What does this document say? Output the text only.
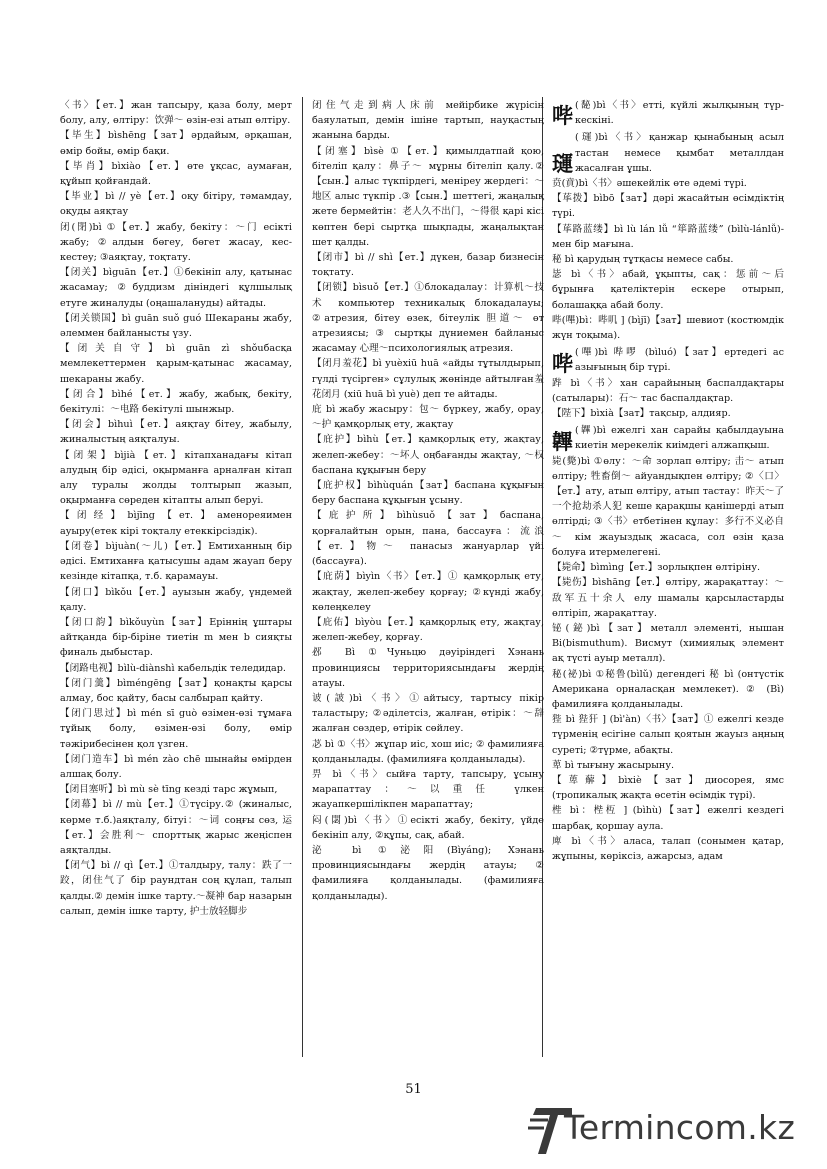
〈书〉【ет.】жан тапсыру, қаза болу, мерт болу, алу, өлтіру：饮弹～ өзін-езі атып өлтіру.

【毕生】bìshēng【зат】әрдайым, әрқашан, өмір бойы, өмір бақи.

【毕肖】bìxiào【ет.】өте ұқсас, аумаған, құйып қойғандай.

【毕业】bì // yè【ет.】оқу бітіру, тәмамдау, оқуды аяқтау

闭(閉)bì ①【ет.】жабу, бекіту：～门 есікті жабу; ②алдын бөгеу, бөгет жасау, кес-кестеу; ③аяқтау, тоқтату.

【闭关】bìguān【ет.】①бекініп алу, қатынас жасамау; ②буддизм дініндегі құлшылық етуге жиналуды (оңашалануды) айтады.

【闭关锁国】bì guān suǒ guó Шекараны жабу, әлеммен байланысты үзу.

【闭关自守】bì guān zì shǒuбасқа мемлекеттермен қарым-қатынас жасамау, шекараны жабу.

【闭合】bìhé【ет.】жабу, жабық, бекіту, бекітулі：～电路 бекітулі шынжыр.

【闭会】bìhuì【ет.】аяқтау бітеу, жабылу, жиналыстың аяқталуы.

【闭架】bìjià【ет.】кітапханадағы кітап алудың бір әдісі, оқырманға арналған кітап алу туралы жолды толтырып жазып, оқырманға сөреден кітапты алып беруі.

【闭经】bìjīng【ет.】аменореяимен ауыру(етек кірі тоқталу етеккірсіздік).

【闭卷】bìjuàn(～儿)【ет.】Емтиханның бір әдісі. Емтиханға қатысушы адам жауап беру кезінде кітапқа, т.б. қарамауы.

【闭口】bìkǒu【ет.】ауызын жабу, үндемей қалу.

【闭口韵】bìkǒuyùn【зат】Ерiннiң ұштары айтқанда бір-біріне тиетін m мен b сияқты финаль дыбыстар.

【闭路电视】bìlù-diànshì кабельдік теледидар.

【闭门羹】bìméngēng【зат】қонақты қарсы алмау, бос қайту, басы салбырап қайту.

【闭门思过】bì mén sī guò өзімен-өзі тұмаға тұйық болу, өзімен-өзі болу, өмір тәжірибесінен қол үзген.

【闭门造车】bì mén zào chē шынайы өмірден алшақ болу.

【闭目塞听】bì mù sè tīng кезді тарс жұмып,

【闭幕】bì // mù【ет.】①түсіру.② (жиналыс, көрме т.б.)аяқталу, бітуі：～词 соңғы сөз, 运【ет.】会胜利～ спорттық жарыс жеңіспен аяқталды.

【闭气】bì // qì【ет.】①талдыру, талу：跌了一跤，闭住气了 бір раундтан соң құлап, талып қалды.② демін ішке тарту.～凝神 бар назарын салып, демін ішке тарту, 护士放轻脚步

闭住气走到病人床前 мейірбике жүрісін баяулатып, демін ішіне тартып, науқастың жанына барды.

【闭塞】bìsè ①【ет.】қимылдатпай қою, бітеліп қалу：鼻子～ мұрны бітеліп қалу.②【сын.】алыс түкпірдегі, меніреу жердегі：～地区 алыс түкпір .③【сын.】шеттегі, жаңалық жете бермейтін：老人久不出门，～得很 қарі кісі көптен бері сыртқа шықпады, жаңалықтан шет қалды.

【闭市】bì // shì【ет.】дүкен, базар бизнесін тоқтату.

【闭锁】bìsuǒ【ет.】①блокадалау：计算机～技术 компьютер техникалық блокадалауы; ②атрезия, бітеу өзек, бітеулік 胆道～ өт атрезиясы; ③ сыртқы дүниемен байланыс жасамау 心理～психологиялық атрезия.

【闭月羞花】bì yuèxiū huā «айды тұтылдырып, гүлді түсірген» сұлулық жөнінде айтылған羞花闭月 (xiū huā bì yuè) деп те айтады.

庇 bì жабу жасыру：包～ бүркеу, жабу, орау, ～护 қамқорлық ету, жақтау

【庇护】bìhù【ет.】қамқорлық ету, жақтау, желеп-жебеу：～坏人 оңбағанды жақтау, ～权 баспана құқығын беру

【庇护权】bìhùquán【зат】баспана құқығын беру баспана құқығын ұсыну.

【庇护所】bìhùsuǒ【зат】баспана, қорғалайтын орын, пана, бассауға：流浪【ет.】物～ панасыз жануарлар үйі (бассауға).

【庇荫】bìyìn〈书〉【ет.】① қамқорлық ету, жақтау, желеп-жебеу қорғау; ②күнді жабу, көлеңкелеу

【庇佑】bìyòu【ет.】қамқорлық ету, жақтау, желеп-жебеу, қорғау.

邲 Bì ①Чуньцю дәуіріндегі Хэнань провинциясы территориясындағы жердің атауы.

诐(詖)bì〈书〉①айтысу, тартысу пікір таластыру; ②әділетсіз, жалған, өтірік：～辞 жалған сөздер, өтірік сөйлеу.

苾 bì ①〈书〉жұпар иіс, хош иіс; ② фамилияға қолданылады. (фамилияға қолданылады).

畀 bì〈书〉сыйға тарту, тапсыру, ұсыну марапаттау：～以重任 үлкен жауапкершілікпен марапаттау;

闷(閟)bì〈书〉①есікті жабу, бекіту, үйде бекініп алу, ②құпы, сақ, абай.

泌 bì ①泌阳(Bìyáng); Хэнань провинциясындағы жердің атауы; ② фамилияға қолданылады. (фамилияға қолданылады).

哔 (馝)bì〈书〉етті, күйлі жылқының түр-кескіні.

璭
(璭)bì〈书〉қанжар қынабының асыл тастан немесе қымбат металлдан жасалған ұшы.

贲(賁)bì〈书〉әшекейлік өте әдемі түрі.

【荜拨】bìbō【зат】дәрі жасайтын өсімдіктің түрі.

【荜路蓝缕】bì lù lán lǚ “筚路蓝缕” (bìlù-lánlǚ)-мен бір мағына.

秘 bì қарудың тұтқасы немесе сабы.

毖 bì〈书〉абай, ұқыпты, сақ：惩前～后 бұрынға қателіктерін ескере отырып, болашаққа абай болу.

哔(嗶)bì：哔叽 ] (bìjī)【зат】шевиот (костюмдік жүн тоқыма).

哔 (嗶)bì 哔啰 (bìluó)【зат】ертедегі ас азығының бір түрі.

跸 bì〈书〉хан сарайының баспалдақтары (сатылары)：石～ тас баспалдақтар.

【陛下】bìxià【зат】тақсыр, алдияр.

韠 (韠)bì ежелгі хан сарайы қабылдауына киетін мерекелік киімдегі алжапқыш.

毙(斃)bì ①өлу：～命 зорлап өлтіру; 击～ атып өлтіру; 牲畜倒～ айуандықпен өлтіру; ②〈口〉【ет.】ату, атып өлтіру, атып тастау：昨天～了一个抢劫杀人犯 кеше қарақшы қанішерді атып өлтірді; ③〈书〉етбетінен құлау：多行不义必自～ кім жауыздық жасаса, сол өзін қаза болуға итермелегені.

【毙命】bìmìng【ет.】зорлықпен өлтіріну.

【毙伤】bìshāng【ет.】өлтіру, жарақаттау：～敌军五十余人 елу шамалы қарсыластарды өлтіріп, жарақаттау.

铋(鉍)bì【зат】металл элементі, нышан Bi(bismuthum). Висмут (химиялық элемент ақ түсті ауыр металл).

秘(祕)bì ①秘鲁(bìlǔ) дегендегі 秘 bì (онтүстік Американа орналасқан мемлекет). ② (Bì) фамилияға қолданылады.

狴 bì 狴犴 ] (bì'àn)〈书〉【зат】① ежелгі кезде түрменің есігіне салып қоятын жауыз аңның суреті; ②түрме, абақты.

萆 bì тығыну жасырыну.

【萆薢】bìxiè【зат】диосорея, ямс (тропикалық жақта өсетін өсімдік түрі).

梐 bì：梐枑 ] (bìhù)【зат】ежелгі кездегі шарбақ, қоршау аула.

庳 bì〈书〉аласа, талап (сонымен қатар, жұпыны, көріксіз, ажарсыз, адам

51
Termincom.kz
